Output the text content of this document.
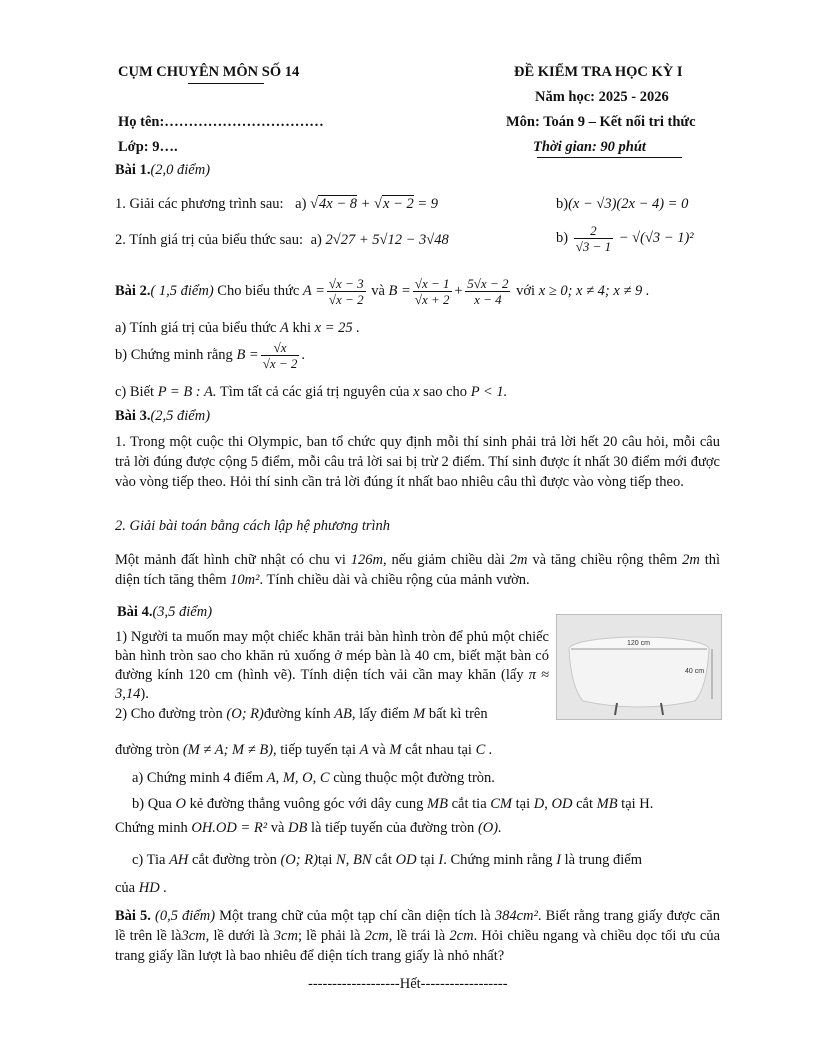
CỤM CHUYÊN MÔN SỐ 14	ĐỀ KIỂM TRA HỌC KỲ I
Năm học: 2025 - 2026
Họ tên:……………………………	Môn: Toán 9 – Kết nối tri thức
Lớp: 9….	Thời gian: 90 phút
Bài 1.(2,0 điểm)
1. Giải các phương trình sau: a) √4x − 8 + √x − 2 = 9	b)(x − √3)(2x − 4) = 0
2. Tính giá trị của biểu thức sau: a) 2√27 + 5√12 − 3√48	$b) \frac{2}{√3 - 1} - √(√3 - 1)^2$
Bài 2.( 1,5 điểm) Cho biểu thức $A = \frac{√x - 3}{√x - 2}$ và $B = \frac{√x - 1}{√x + 2} + \frac{5√x - 2}{x - 4}$ với x ≥ 0; x ≠ 4; x ≠ 9 .
a) Tính giá trị của biểu thức A khi x = 25 .
b) Chứng minh rằng $B = \frac{√x}{√x - 2}$ .
c) Biết P = B : A. Tìm tất cả các giá trị nguyên của x sao cho P < 1.
Bài 3.(2,5 điểm)
1. Trong một cuộc thi Olympic, ban tổ chức quy định mỗi thí sinh phải trả lời hết 20 câu hỏi, mỗi câu trả lời đúng được cộng 5 điểm, mỗi câu trả lời sai bị trừ 2 điểm. Thí sinh được ít nhất 30 điểm mới được vào vòng tiếp theo. Hỏi thí sinh cần trả lời đúng ít nhất bao nhiêu câu thì được vào vòng tiếp theo.
2. Giải bài toán bằng cách lập hệ phương trình
Một mảnh đất hình chữ nhật có chu vi 126m, nếu giảm chiều dài 2m và tăng chiều rộng thêm 2m thì diện tích tăng thêm 10m². Tính chiều dài và chiều rộng của mảnh vườn.
Bài 4.(3,5 điểm)
1) Người ta muốn may một chiếc khăn trải bàn hình tròn để phủ một chiếc bàn hình tròn sao cho khăn rủ xuống ở mép bàn là 40 cm, biết mặt bàn có đường kính 120 cm (hình vẽ). Tính diện tích vải cần may khăn (lấy π ≈ 3,14).
120 cm
40 cm
2) Cho đường tròn (O; R)đường kính AB, lấy điểm M bất kì trên
đường tròn (M ≠ A; M ≠ B), tiếp tuyến tại A và M cắt nhau tại C .
a) Chứng minh 4 điểm A, M, O, C cùng thuộc một đường tròn.
b) Qua O kẻ đường thẳng vuông góc với dây cung MB cắt tia CM tại D, OD cắt MB tại H.
Chứng minh OH.OD = R² và DB là tiếp tuyến của đường tròn (O).
c) Tia AH cắt đường tròn (O; R)tại N, BN cắt OD tại I. Chứng minh rằng I là trung điểm
của HD .
Bài 5. (0,5 điểm) Một trang chữ của một tạp chí cần diện tích là 384cm². Biết rằng trang giấy được căn lề trên lề là3cm, lề dưới là 3cm; lề phải là 2cm, lề trái là 2cm. Hỏi chiều ngang và chiều dọc tối ưu của trang giấy lần lượt là bao nhiêu để diện tích trang giấy là nhỏ nhất?
-------------------Hết------------------
